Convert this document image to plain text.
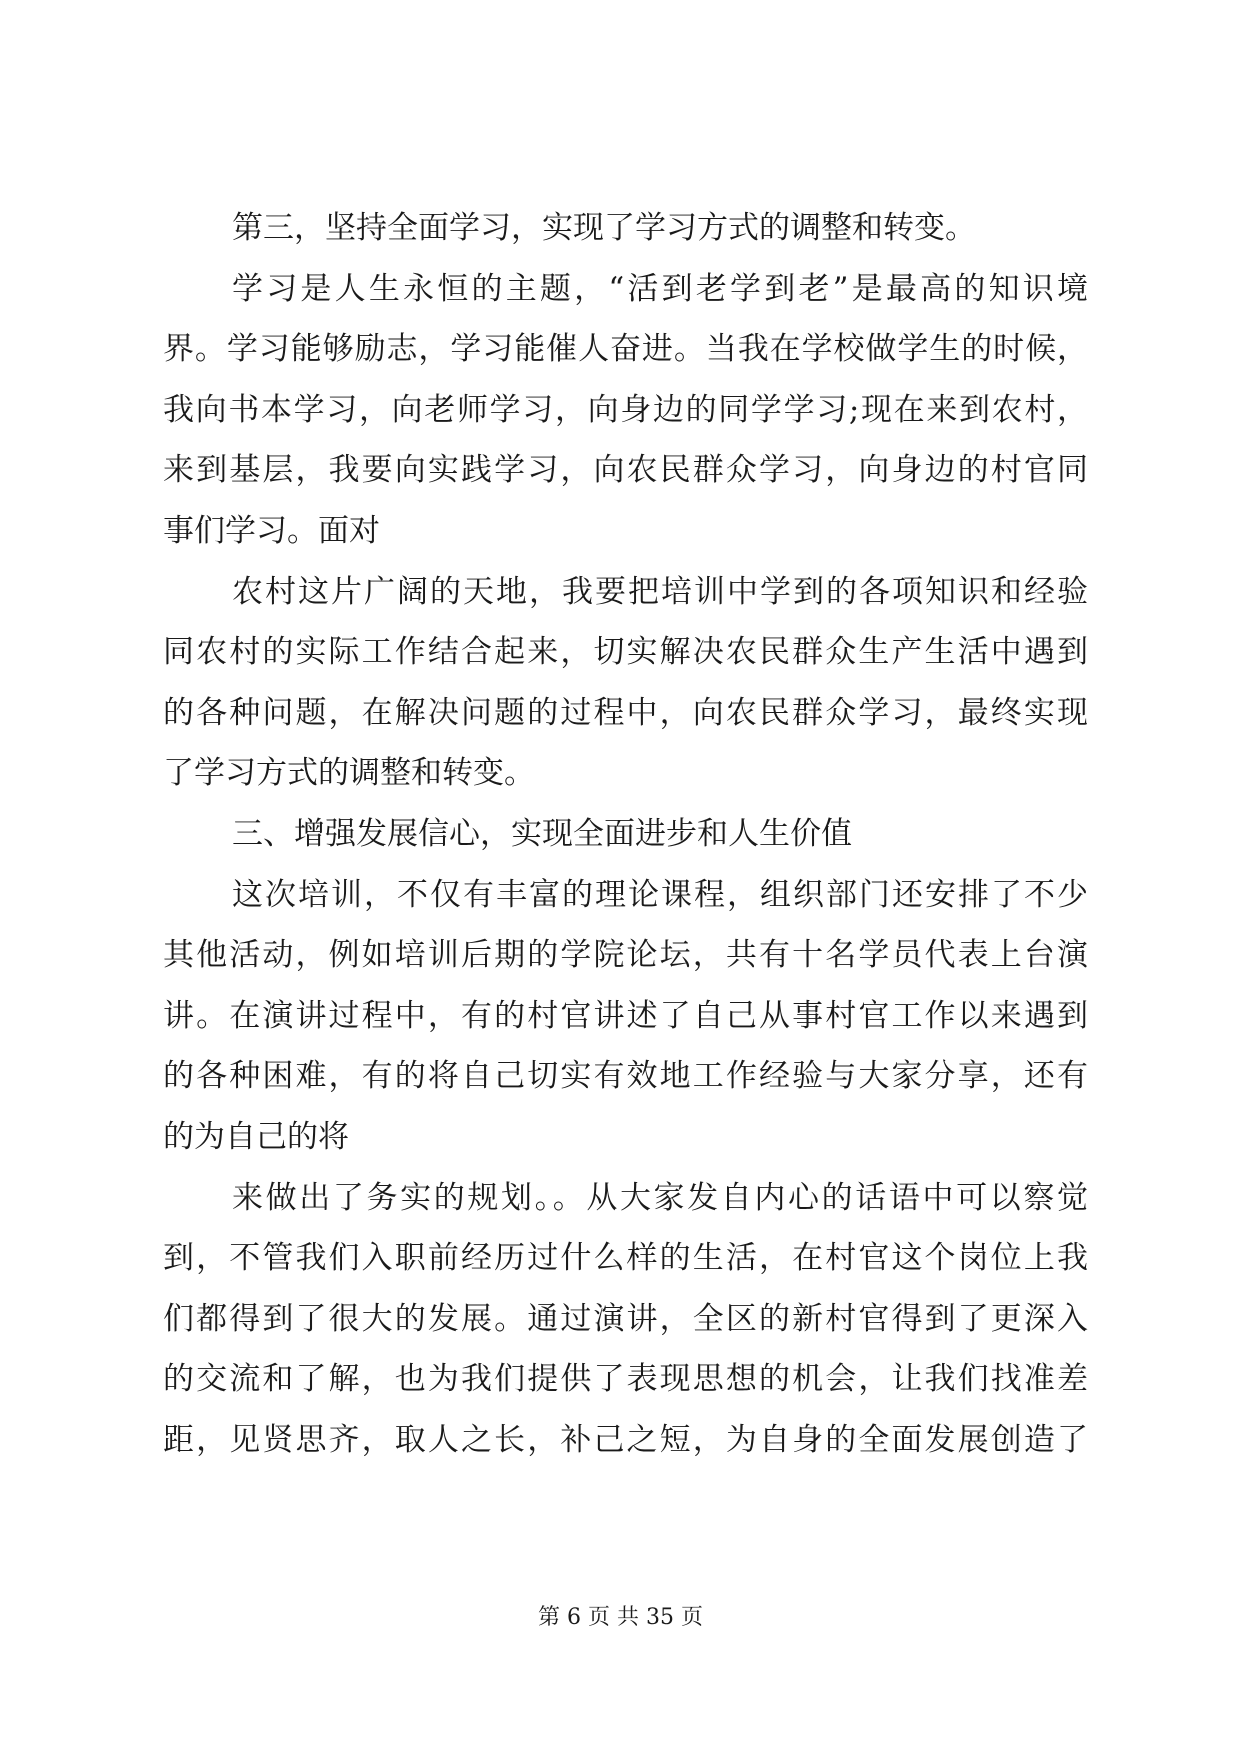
第三，坚持全面学习，实现了学习方式的调整和转变。
学习是人生永恒的主题，“活到老学到老”是最高的知识境
界。学习能够励志，学习能催人奋进。当我在学校做学生的时候，
我向书本学习，向老师学习，向身边的同学学习;现在来到农村，
来到基层，我要向实践学习，向农民群众学习，向身边的村官同
事们学习。面对
农村这片广阔的天地，我要把培训中学到的各项知识和经验
同农村的实际工作结合起来，切实解决农民群众生产生活中遇到
的各种问题，在解决问题的过程中，向农民群众学习，最终实现
了学习方式的调整和转变。
三、增强发展信心，实现全面进步和人生价值
这次培训，不仅有丰富的理论课程，组织部门还安排了不少
其他活动，例如培训后期的学院论坛，共有十名学员代表上台演
讲。在演讲过程中，有的村官讲述了自己从事村官工作以来遇到
的各种困难，有的将自己切实有效地工作经验与大家分享，还有
的为自己的将
来做出了务实的规划。。从大家发自内心的话语中可以察觉
到，不管我们入职前经历过什么样的生活，在村官这个岗位上我
们都得到了很大的发展。通过演讲，全区的新村官得到了更深入
的交流和了解，也为我们提供了表现思想的机会，让我们找准差
距，见贤思齐，取人之长，补己之短，为自身的全面发展创造了
第 6 页 共 35 页
